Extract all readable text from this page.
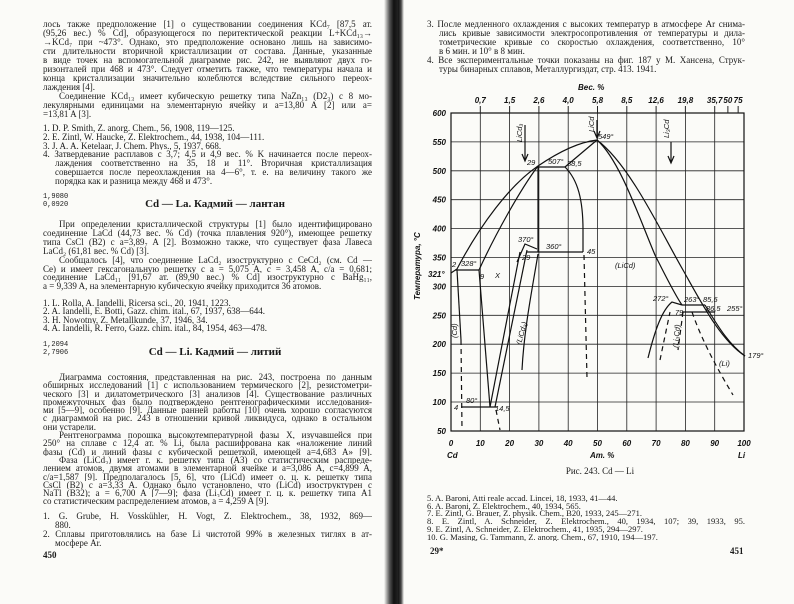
лось также предположение [1] о существовании соединения KCd₇ [87,5 ат.
(95,26 вес.) % Cd], образующегося по перитектической реакции L+KCd₁₃→
→KCd₇ при ~473°. Однако, это предположение основано лишь на зависимо-
сти длительности вторичной кристаллизации от состава. Данные, указанные
в виде точек на вспомогательной диаграмме рис. 242, не выявляют двух го-
ризонталей при 468 и 473°. Следует отметить также, что температуры начала и
конца кристаллизации значительно колеблются вследствие сильного переох-
лаждения [4].
Соединение KCd₁₃ имеет кубическую решетку типа NaZn₁₃ (D2₃) с 8 мо-
лекулярными единицами на элементарную ячейку и a=13,80 A [2] или a=
=13,81 A [3].
1. D. P. Smith, Z. anorg. Chem., 56, 1908, 119—125.
2. E. Zintl, W. Haucke, Z. Elektrochem., 44, 1938, 104—111.
3. J. A. A. Ketelaar, J. Chem. Phys., 5, 1937, 668.
4. Затвердевание расплавов с 3,7; 4,5 и 4,9 вес. % K начинается после переох-
лаждения соответственно на 35, 18 и 11°. Вторичная кристаллизация
совершается после переохлаждения на 4—6°, т. е. на величину такого же
порядка как и разница между 468 и 473°.
1,9080
0,0920	Cd — La. Кадмий — лантан
При определении кристаллической структуры [1] было идентифицировано
соединение LaCd (44,73 вес. % Cd) (точка плавления 920°), имеющее решетку
типа CsCl (B2) с a=3,89₇ A [2]. Возможно также, что существует фаза Лавеса
LaCd₂ (61,81 вес. % Cd) [3].
Сообщалось [4], что соединение LaCd₂ изоструктурно с CeCd₂ (см. Cd —
Ce) и имеет гексагональную решетку с a = 5,075 A, c = 3,458 A, c/a = 0,681;
соединение LaCd₁₁ [91,67 ат. (89,90 вес.) % Cd] изоструктурно с BaHg₁₁,
a = 9,339 A, на элементарную кубическую ячейку приходится 36 атомов.
1. L. Rolla, A. Iandelli, Ricersa sci., 20, 1941, 1223.
2. A. Iandelli, E. Botti, Gazz. chim. ital., 67, 1937, 638—644.
3. H. Nowotny, Z. Metallkunde, 37, 1946, 34.
4. A. Iandelli, R. Ferro, Gazz. chim. ital., 84, 1954, 463—478.
1,2094
2,7906	Cd — Li. Кадмий — литий
Диаграмма состояния, представленная на рис. 243, построена по данным
обширных исследований [1] с использованием термического [2], резистометри-
ческого [3] и дилатометрического [3] анализов [4]. Существование различных
промежуточных фаз было подтверждено рентгенографическими исследования-
ми [5—9], особенно [9]. Данные ранней работы [10] очень хорошо согласуются
с диаграммой на рис. 243 в отношении кривой ликвидуса, однако в остальном
они устарели.
Рентгенограмма порошка высокотемпературной фазы X, изучавшейся при
250° на сплаве с 12,4 ат. % Li, была расшифрована как «наложение линий
фазы (Cd) и линий фазы с кубической решеткой, имеющей a=4,683 A» [9].
Фаза (LiCd₃) имеет г. к. решетку типа (A3) со статистическим распреде-
лением атомов, двумя атомами в элементарной ячейке и a=3,086 A, c=4,899 A,
c/a=1,587 [9]. Предполагалось [5, 6], что (LiCd) имеет о. ц. к. решетку типа
CsCl (B2) с a=3,33 A. Однако было установлено, что (LiCd) изоструктурен с
NaTl (B32); a = 6,700 A [7—9]; фаза (Li₃Cd) имеет г. ц. к. решетку типа A1
со статистическим распределением атомов, a = 4,259 A [9].
1. G. Grube, H. Vosskühler, H. Vogt, Z. Elektrochem., 38, 1932, 869—
880.
2. Сплавы приготовлялись на базе Li чистотой 99% в железных тиглях в ат-
мосфере Ar.
450
3. После медленного охлаждения с высоких температур в атмосфере Ar снима-
лись кривые зависимости электросопротивления от температуры и дила-
тометрические кривые со скоростью охлаждения, соответственно, 10°
в 6 мин. и 10° в 8 мин.
4. Все экспериментальные точки показаны на фиг. 187 у М. Хансена, Струк-
туры бинарных сплавов, Металлургиздат, стр. 413. 1941.
600
550
500
450
400
350
300
250
200
150
100
50
0	10	20	30	40	50	60	70	80	90 100
0,7 1,5 2,6 4,0 5,8 8,5 12,6 19,8 35,7 50 75
321°
2 328°
9 X
29 507° 38,5
549°
370°
360°
29
45
(LiCd)
272° 263° 85,5
79	86,5 255°
179°
(Li)
4
80°
14,5
(Cd)	(LiCd₃)	(Li₃Cd)
LiCd₃	LiCd	Li₃Cd
Вес. %
Температура, °C
Cd	Ат. %	Li
Рис. 243. Cd — Li
5. A. Baroni, Atti reale accad. Lincei, 18, 1933, 41—44.
6. A. Baroni, Z. Elektrochem., 40, 1934, 565.
7. E. Zintl, G. Brauer, Z. physik. Chem., B20, 1933, 245—271.
8. E. Zintl, A. Schneider, Z. Elektrochem., 40, 1934, 107; 39, 1933, 95.
9. E. Zintl, A. Schneider, Z. Elektrochem., 41, 1935, 294—297.
10. G. Masing, G. Tammann, Z. anorg. Chem., 67, 1910, 194—197.
29*	451
